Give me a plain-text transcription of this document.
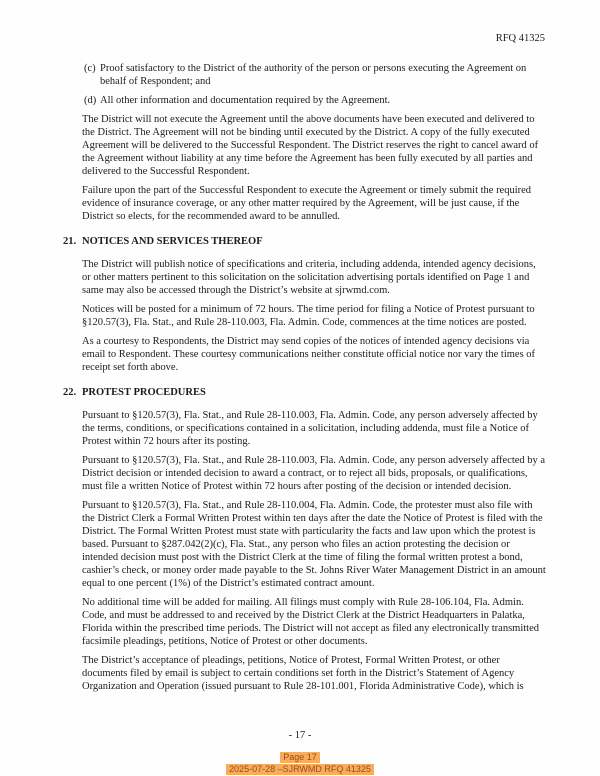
RFQ 41325
(c) Proof satisfactory to the District of the authority of the person or persons executing the Agreement on behalf of Respondent; and
(d) All other information and documentation required by the Agreement.

The District will not execute the Agreement until the above documents have been executed and delivered to the District. The Agreement will not be binding until executed by the District. A copy of the fully executed Agreement will be delivered to the Successful Respondent. The District reserves the right to cancel award of the Agreement without liability at any time before the Agreement has been fully executed by all parties and delivered to the Successful Respondent.

Failure upon the part of the Successful Respondent to execute the Agreement or timely submit the required evidence of insurance coverage, or any other matter required by the Agreement, will be just cause, if the District so elects, for the recommended award to be annulled.

21. NOTICES AND SERVICES THEREOF

The District will publish notice of specifications and criteria, including addenda, intended agency decisions, or other matters pertinent to this solicitation on the solicitation advertising portals identified on Page 1 and same may also be accessed through the District’s website at sjrwmd.com.

Notices will be posted for a minimum of 72 hours. The time period for filing a Notice of Protest pursuant to §120.57(3), Fla. Stat., and Rule 28-110.003, Fla. Admin. Code, commences at the time notices are posted.

As a courtesy to Respondents, the District may send copies of the notices of intended agency decisions via email to Respondent. These courtesy communications neither constitute official notice nor vary the times of receipt set forth above.

22. PROTEST PROCEDURES

Pursuant to §120.57(3), Fla. Stat., and Rule 28-110.003, Fla. Admin. Code, any person adversely affected by the terms, conditions, or specifications contained in a solicitation, including addenda, must file a Notice of Protest within 72 hours after its posting.

Pursuant to §120.57(3), Fla. Stat., and Rule 28-110.003, Fla. Admin. Code, any person adversely affected by a District decision or intended decision to award a contract, or to reject all bids, proposals, or qualifications, must file a written Notice of Protest within 72 hours after posting of the decision or intended decision.

Pursuant to §120.57(3), Fla. Stat., and Rule 28-110.004, Fla. Admin. Code, the protester must also file with the District Clerk a Formal Written Protest within ten days after the date the Notice of Protest is filed with the District. The Formal Written Protest must state with particularity the facts and law upon which the protest is based. Pursuant to §287.042(2)(c), Fla. Stat., any person who files an action protesting the decision or intended decision must post with the District Clerk at the time of filing the formal written protest a bond, cashier’s check, or money order made payable to the St. Johns River Water Management District in an amount equal to one percent (1%) of the District’s estimated contract amount.

No additional time will be added for mailing. All filings must comply with Rule 28-106.104, Fla. Admin. Code, and must be addressed to and received by the District Clerk at the District Headquarters in Palatka, Florida within the prescribed time periods. The District will not accept as filed any electronically transmitted facsimile pleadings, petitions, Notice of Protest or other documents.

The District’s acceptance of pleadings, petitions, Notice of Protest, Formal Written Protest, or other documents filed by email is subject to certain conditions set forth in the District’s Statement of Agency Organization and Operation (issued pursuant to Rule 28-101.001, Florida Administrative Code), which is

- 17 -
Page 17
2025-07-28 –SJRWMD RFQ 41325
